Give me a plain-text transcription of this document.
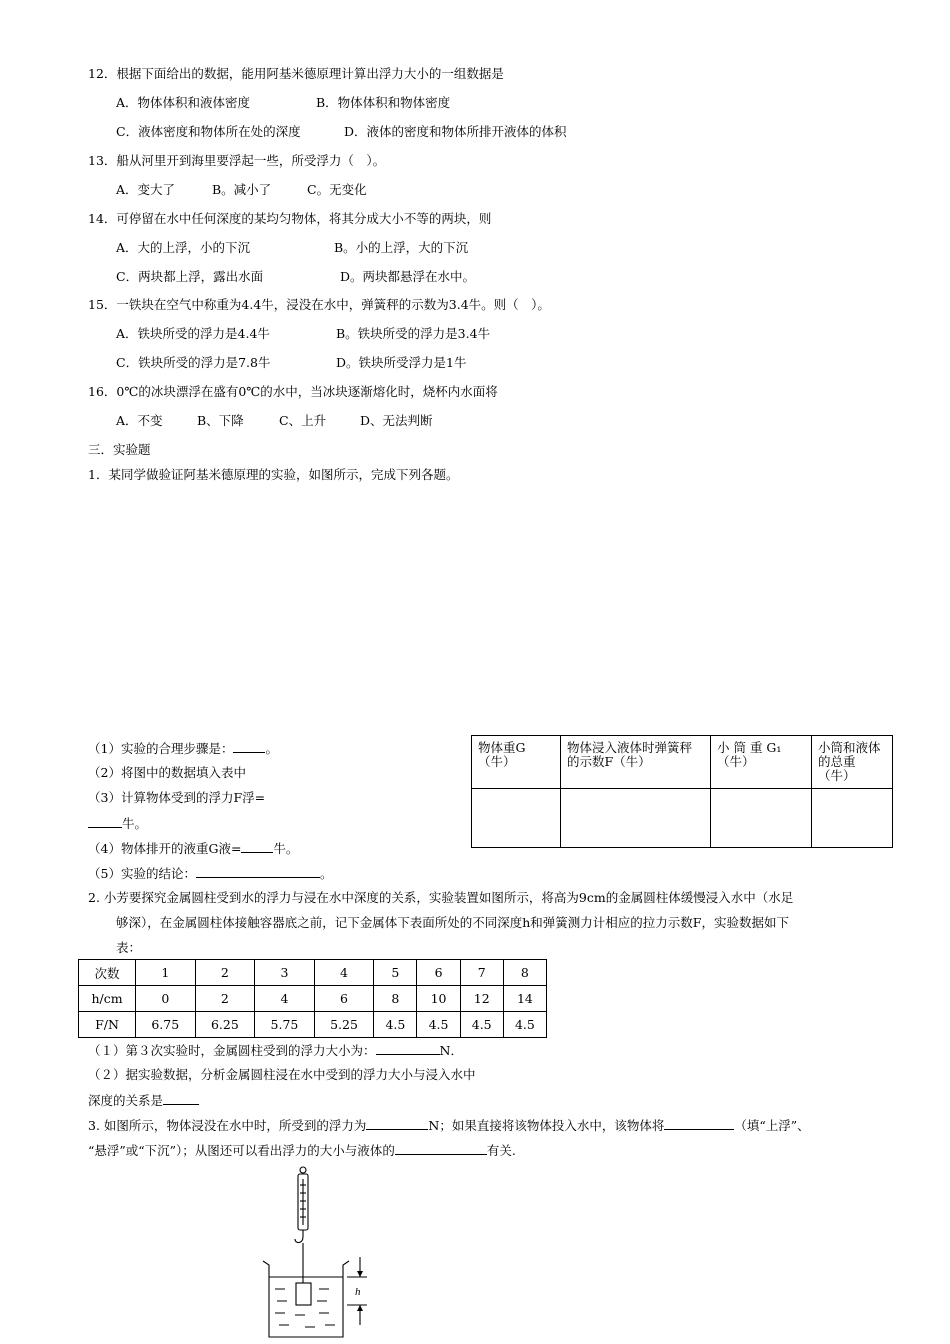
12．根据下面给出的数据，能用阿基米德原理计算出浮力大小的一组数据是
A．物体体积和液体密度	B．物体体积和物体密度
C．液体密度和物体所在处的深度	D．液体的密度和物体所排开液体的体积
13．船从河里开到海里要浮起一些，所受浮力（　）。
A．变大了	B。减小了	C。无变化
14．可停留在水中任何深度的某均匀物体，将其分成大小不等的两块，则
A．大的上浮，小的下沉	B。小的上浮，大的下沉
C．两块都上浮，露出水面	D。两块都悬浮在水中。
15．一铁块在空气中称重为4.4牛，浸没在水中，弹簧秤的示数为3.4牛。则（　）。
A．铁块所受的浮力是4.4牛	B。铁块所受的浮力是3.4牛
C．铁块所受的浮力是7.8牛	D。铁块所受浮力是1牛
16．0℃的冰块漂浮在盛有0℃的水中，当冰块逐渐熔化时，烧杯内水面将
A．不变	B、下降	C、上升	D、无法判断
三．实验题
1．某同学做验证阿基米德原理的实验，如图所示，完成下列各题。
（1）实验的合理步骤是：	。
（2）将图中的数据填入表中
（3）计算物体受到的浮力F浮=
牛。
（4）物体排开的液重G液=	牛。
（5）实验的结论：	。
物体重G（牛）	物体浸入液体时弹簧秤的示数F（牛）	小 筒 重 G₁（牛）	小筒和液体的总重（牛）

2. 小芳要探究金属圆柱受到水的浮力与浸在水中深度的关系，实验装置如图所示，将高为9cm的金属圆柱体缓慢浸入水中（水足
够深），在金属圆柱体接触容器底之前，记下金属体下表面所处的不同深度h和弹簧测力计相应的拉力示数F，实验数据如下
表：
次数	1	2	3	4	5	6	7	8
h/cm	0	2	4	6	8	10	12	14
F/N	6.75	6.25	5.75	5.25	4.5	4.5	4.5	4.5
（１）第３次实验时，金属圆柱受到的浮力大小为：	N．
（２）据实验数据，分析金属圆柱浸在水中受到的浮力大小与浸入水中
深度的关系是
3. 如图所示，物体浸没在水中时，所受到的浮力为	N；如果直接将该物体投入水中，该物体将	（填“上浮”、
“悬浮”或“下沉”）；从图还可以看出浮力的大小与液体的	有关.
h
